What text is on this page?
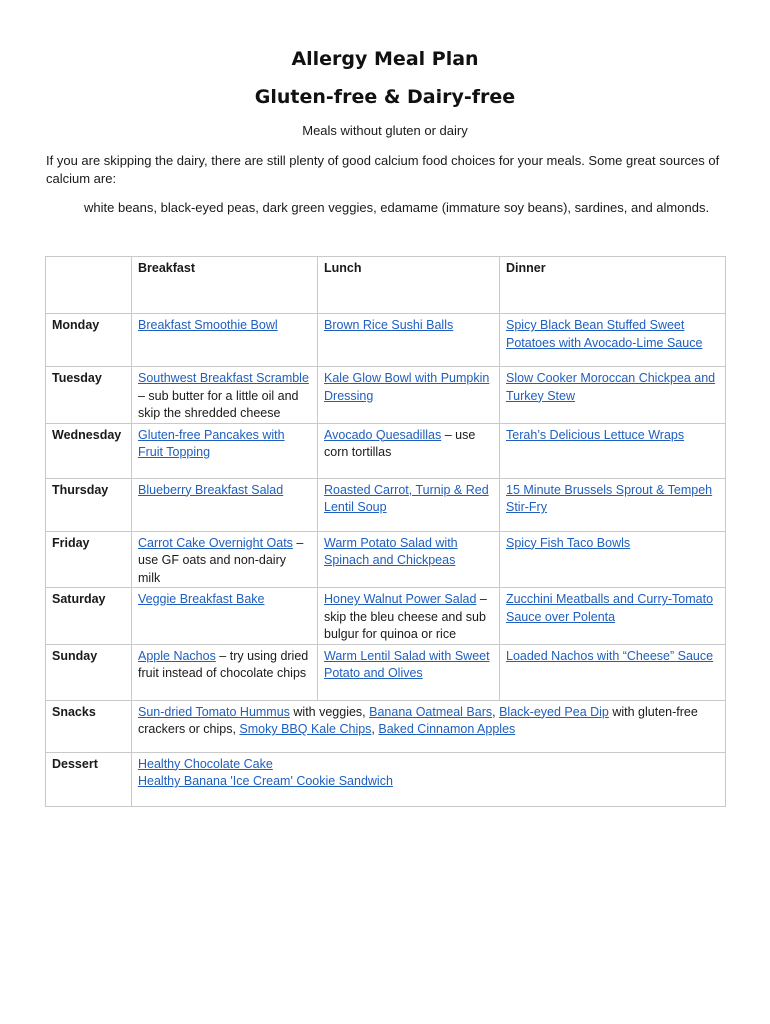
Allergy Meal Plan
Gluten-free & Dairy-free
Meals without gluten or dairy
If you are skipping the dairy, there are still plenty of good calcium food choices for your meals. Some great sources of calcium are:
white beans, black-eyed peas, dark green veggies, edamame (immature soy beans), sardines, and almonds.
	Breakfast	Lunch	Dinner
Monday	Breakfast Smoothie Bowl	Brown Rice Sushi Balls	Spicy Black Bean Stuffed Sweet Potatoes with Avocado-Lime Sauce
Tuesday	Southwest Breakfast Scramble – sub butter for a little oil and skip the shredded cheese	Kale Glow Bowl with Pumpkin Dressing	Slow Cooker Moroccan Chickpea and Turkey Stew
Wednesday	Gluten-free Pancakes with Fruit Topping	Avocado Quesadillas – use corn tortillas	Terah’s Delicious Lettuce Wraps
Thursday	Blueberry Breakfast Salad	Roasted Carrot, Turnip & Red Lentil Soup	15 Minute Brussels Sprout & Tempeh Stir-Fry
Friday	Carrot Cake Overnight Oats – use GF oats and non-dairy milk	Warm Potato Salad with Spinach and Chickpeas	Spicy Fish Taco Bowls
Saturday	Veggie Breakfast Bake	Honey Walnut Power Salad – skip the bleu cheese and sub bulgur for quinoa or rice	Zucchini Meatballs and Curry-Tomato Sauce over Polenta
Sunday	Apple Nachos – try using dried fruit instead of chocolate chips	Warm Lentil Salad with Sweet Potato and Olives	Loaded Nachos with “Cheese” Sauce
Snacks	Sun-dried Tomato Hummus with veggies, Banana Oatmeal Bars, Black-eyed Pea Dip with gluten-free crackers or chips, Smoky BBQ Kale Chips, Baked Cinnamon Apples		
Dessert	Healthy Chocolate Cake
Healthy Banana 'Ice Cream' Cookie Sandwich		
